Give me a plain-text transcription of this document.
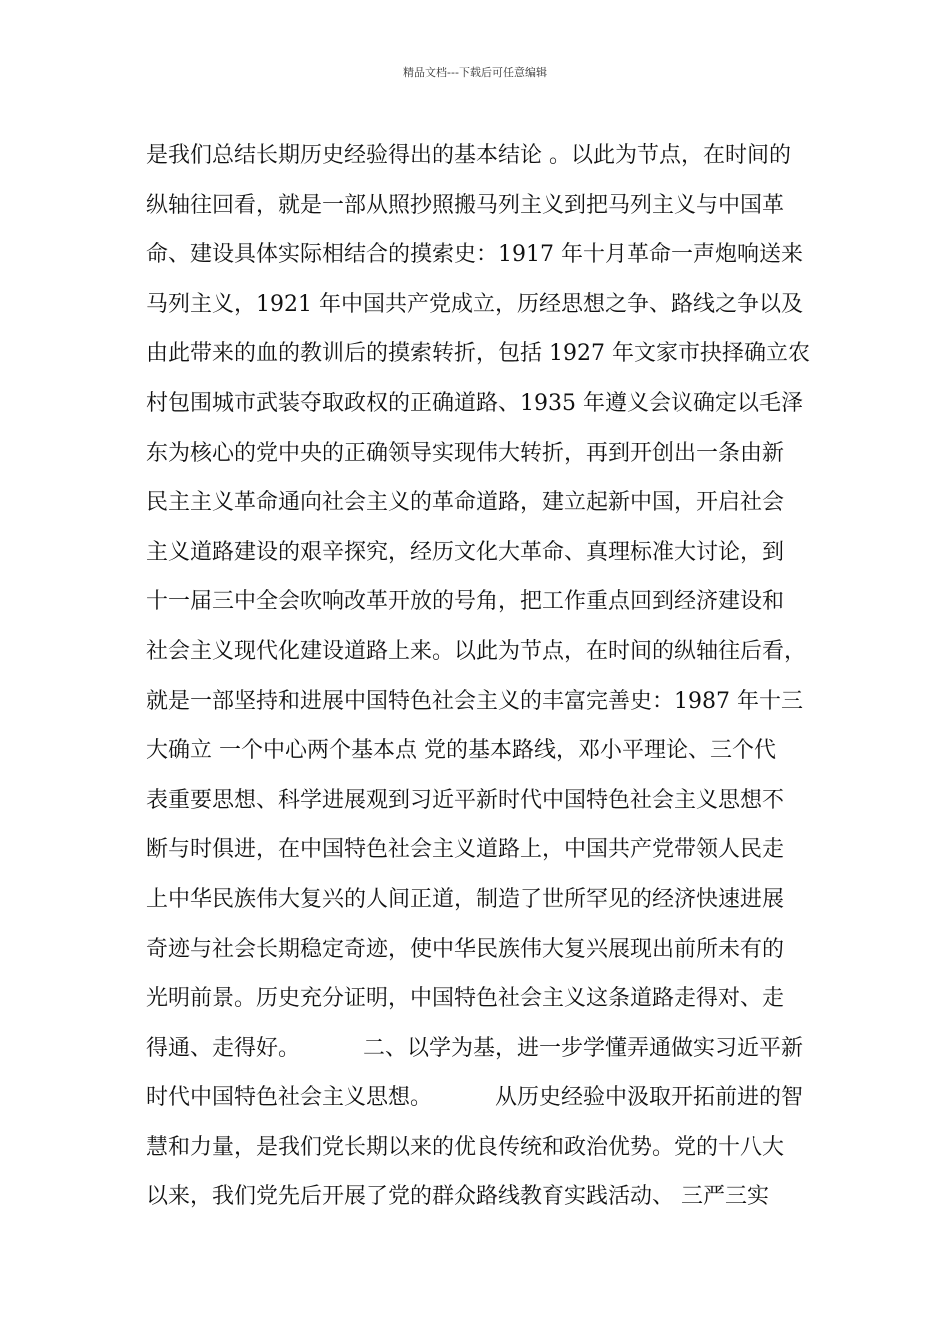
精品文档---下载后可任意编辑
是我们总结长期历史经验得出的基本结论 。以此为节点，在时间的
纵轴往回看，就是一部从照抄照搬马列主义到把马列主义与中国革
命、建设具体实际相结合的摸索史：1917 年十月革命一声炮响送来
马列主义，1921 年中国共产党成立，历经思想之争、路线之争以及
由此带来的血的教训后的摸索转折，包括 1927 年文家市抉择确立农
村包围城市武装夺取政权的正确道路、1935 年遵义会议确定以毛泽
东为核心的党中央的正确领导实现伟大转折，再到开创出一条由新
民主主义革命通向社会主义的革命道路，建立起新中国，开启社会
主义道路建设的艰辛探究，经历文化大革命、真理标准大讨论，到
十一届三中全会吹响改革开放的号角，把工作重点回到经济建设和
社会主义现代化建设道路上来。以此为节点，在时间的纵轴往后看，
就是一部坚持和进展中国特色社会主义的丰富完善史：1987 年十三
大确立 一个中心两个基本点 党的基本路线，邓小平理论、三个代
表重要思想、科学进展观到习近平新时代中国特色社会主义思想不
断与时俱进，在中国特色社会主义道路上，中国共产党带领人民走
上中华民族伟大复兴的人间正道，制造了世所罕见的经济快速进展
奇迹与社会长期稳定奇迹，使中华民族伟大复兴展现出前所未有的
光明前景。历史充分证明，中国特色社会主义这条道路走得对、走
得通、走得好。         二、以学为基，进一步学懂弄通做实习近平新
时代中国特色社会主义思想。         从历史经验中汲取开拓前进的智
慧和力量，是我们党长期以来的优良传统和政治优势。党的十八大
以来，我们党先后开展了党的群众路线教育实践活动、 三严三实
